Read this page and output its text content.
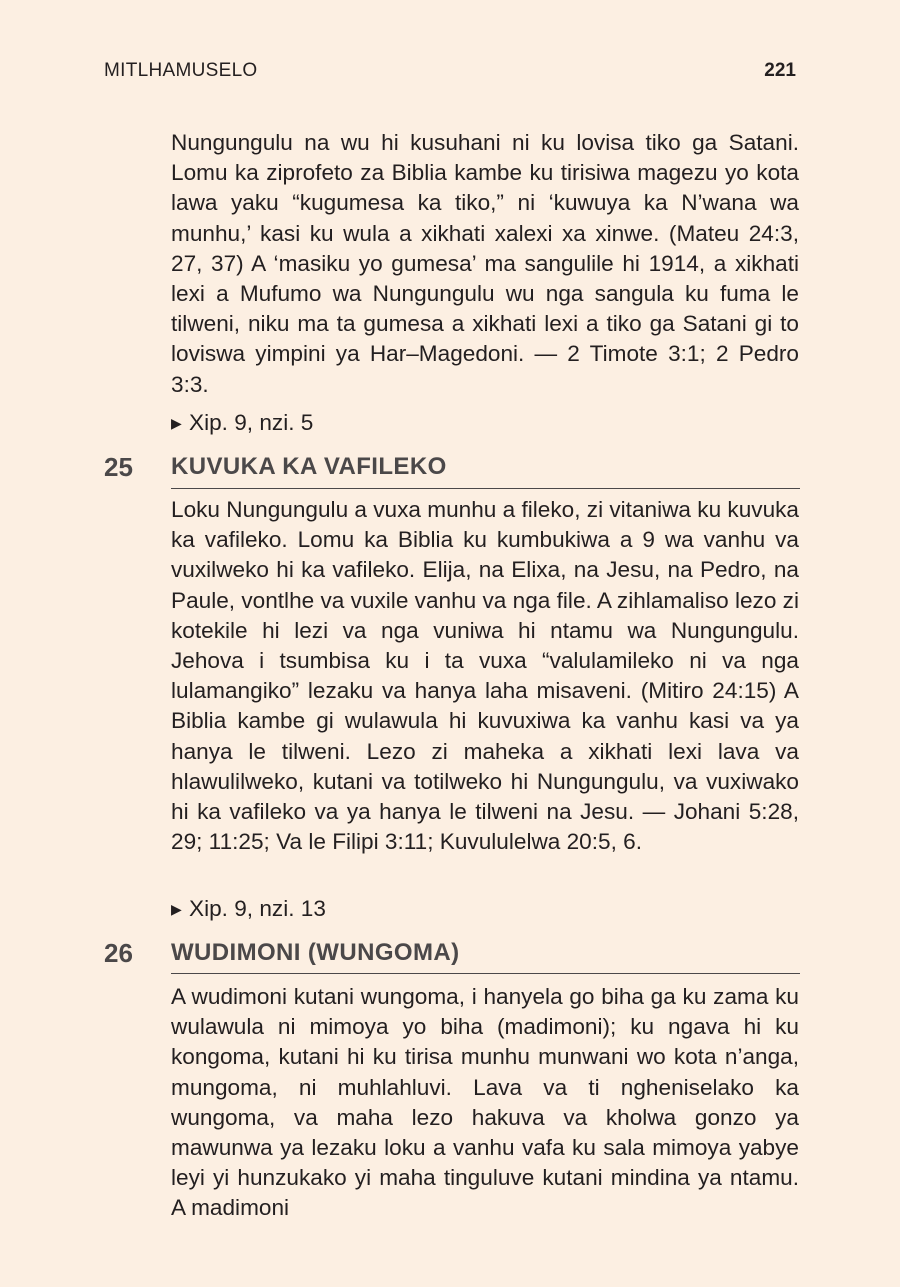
MITLHAMUSELO	221

Nungungulu na wu hi kusuhani ni ku lovisa tiko ga Satani. Lomu ka ziprofeto za Biblia kambe ku tirisiwa magezu yo kota lawa yaku “kugumesa ka tiko,” ni ‘kuwuya ka N’wana wa munhu,’ kasi ku wula a xikhati xalexi xa xinwe. (Mateu 24:3, 27, 37) A ‘masiku yo gumesa’ ma sangulile hi 1914, a xikhati lexi a Mufumo wa Nungungulu wu nga sangula ku fuma le tilweni, niku ma ta gumesa a xikhati lexi a tiko ga Satani gi to loviswa yimpini ya Har–Magedoni. — 2 Timote 3:1; 2 Pedro 3:3.

▶ Xip. 9, nzi. 5
25 KUVUKA KA VAFILEKO

Loku Nungungulu a vuxa munhu a fileko, zi vitaniwa ku kuvuka ka vafileko. Lomu ka Biblia ku kumbukiwa a 9 wa vanhu va vuxilweko hi ka vafileko. Elija, na Elixa, na Jesu, na Pedro, na Paule, vontlhe va vuxile vanhu va nga file. A zihlamaliso lezo zi kotekile hi lezi va nga vuniwa hi ntamu wa Nungungulu. Jehova i tsumbisa ku i ta vuxa “valulamileko ni va nga lulamangiko” lezaku va hanya laha misaveni. (Mitiro 24:15) A Biblia kambe gi wulawula hi kuvuxiwa ka vanhu kasi va ya hanya le tilweni. Lezo zi maheka a xikhati lexi lava va hlawulilweko, kutani va totilweko hi Nungungulu, va vuxiwako hi ka vafileko va ya hanya le tilweni na Jesu. — Johani 5:28, 29; 11:25; Va le Filipi 3:11; Kuvululelwa 20:5, 6.

▶ Xip. 9, nzi. 13
26 WUDIMONI (WUNGOMA)

A wudimoni kutani wungoma, i hanyela go biha ga ku zama ku wulawula ni mimoya yo biha (madimoni); ku ngava hi ku kongoma, kutani hi ku tirisa munhu munwani wo kota n’anga, mungoma, ni muhlahluvi. Lava va ti ngheniselako ka wungoma, va maha lezo hakuva va kholwa gonzo ya mawunwa ya lezaku loku a vanhu vafa ku sala mimoya yabye leyi yi hunzukako yi maha tinguluve kutani mindina ya ntamu. A madimoni
